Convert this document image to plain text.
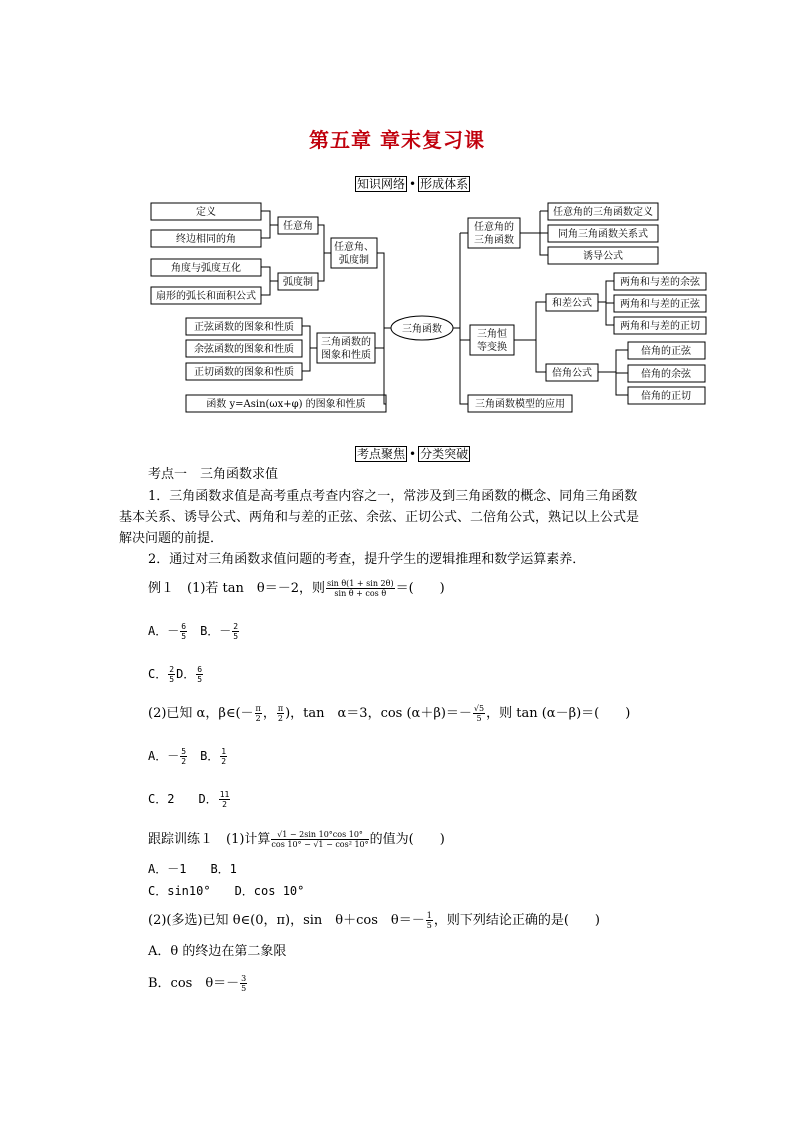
第五章 章末复习课
知识网络 • 形成体系
定义
终边相同的角
角度与弧度互化
扇形的弧长和面积公式
任意角
弧度制
任意角、
弧度制
正弦函数的图象和性质
余弦函数的图象和性质
正切函数的图象和性质
三角函数的
图象和性质
函数 y=Asin(ωx+φ) 的图象和性质
三角函数
任意角的
三角函数
任意角的三角函数定义
同角三角函数关系式
诱导公式
三角恒
等变换
和差公式
倍角公式
两角和与差的余弦
两角和与差的正弦
两角和与差的正切
倍角的正弦
倍角的余弦
倍角的正切
三角函数模型的应用
考点聚焦 • 分类突破
考点一　三角函数求值
1．三角函数求值是高考重点考查内容之一，常涉及到三角函数的概念、同角三角函数
基本关系、诱导公式、两角和与差的正弦、余弦、正切公式、二倍角公式，熟记以上公式是
解决问题的前提．
2．通过对三角函数求值问题的考查，提升学生的逻辑推理和数学运算素养．
例１　(1)若 tan　θ＝－2，则 $\frac{\text{sin θ(1 + sin 2θ)}}{\text{sin θ + cos θ}}$ ＝(　　)
A．－ $\frac{6}{5}$ 　B．－ $\frac{2}{5}$
C． $\frac{2}{5}$ D． $\frac{6}{5}$
(2)已知 α，β∈(－ $\frac{\pi}{2}$ ， $\frac{\pi}{2}$ )，tan　α＝3，$\cos (\alpha+\beta)=- \frac{√5}{5}$ ，则 tan (α－β)＝(　　)
A．－ $\frac{5}{2}$ 　B． $\frac{1}{2}$
C．2　　D． $\frac{11}{2}$
跟踪训练１　(1)计算 $\frac{√1 - 2\sin 10^\circ\cos 10^\circ}{\text{cos 10° − √1 − cos² 10°}}$ 的值为(　　)
A．－1　　B．1
C．sin10°　　D．cos 10°
(2)(多选)已知 θ∈(0，π)，sin　θ＋cos　$\theta=- \frac{1}{5}$ ，则下列结论正确的是(　　)
A．θ 的终边在第二象限
B．cos　$\theta=- \frac{3}{5}$
